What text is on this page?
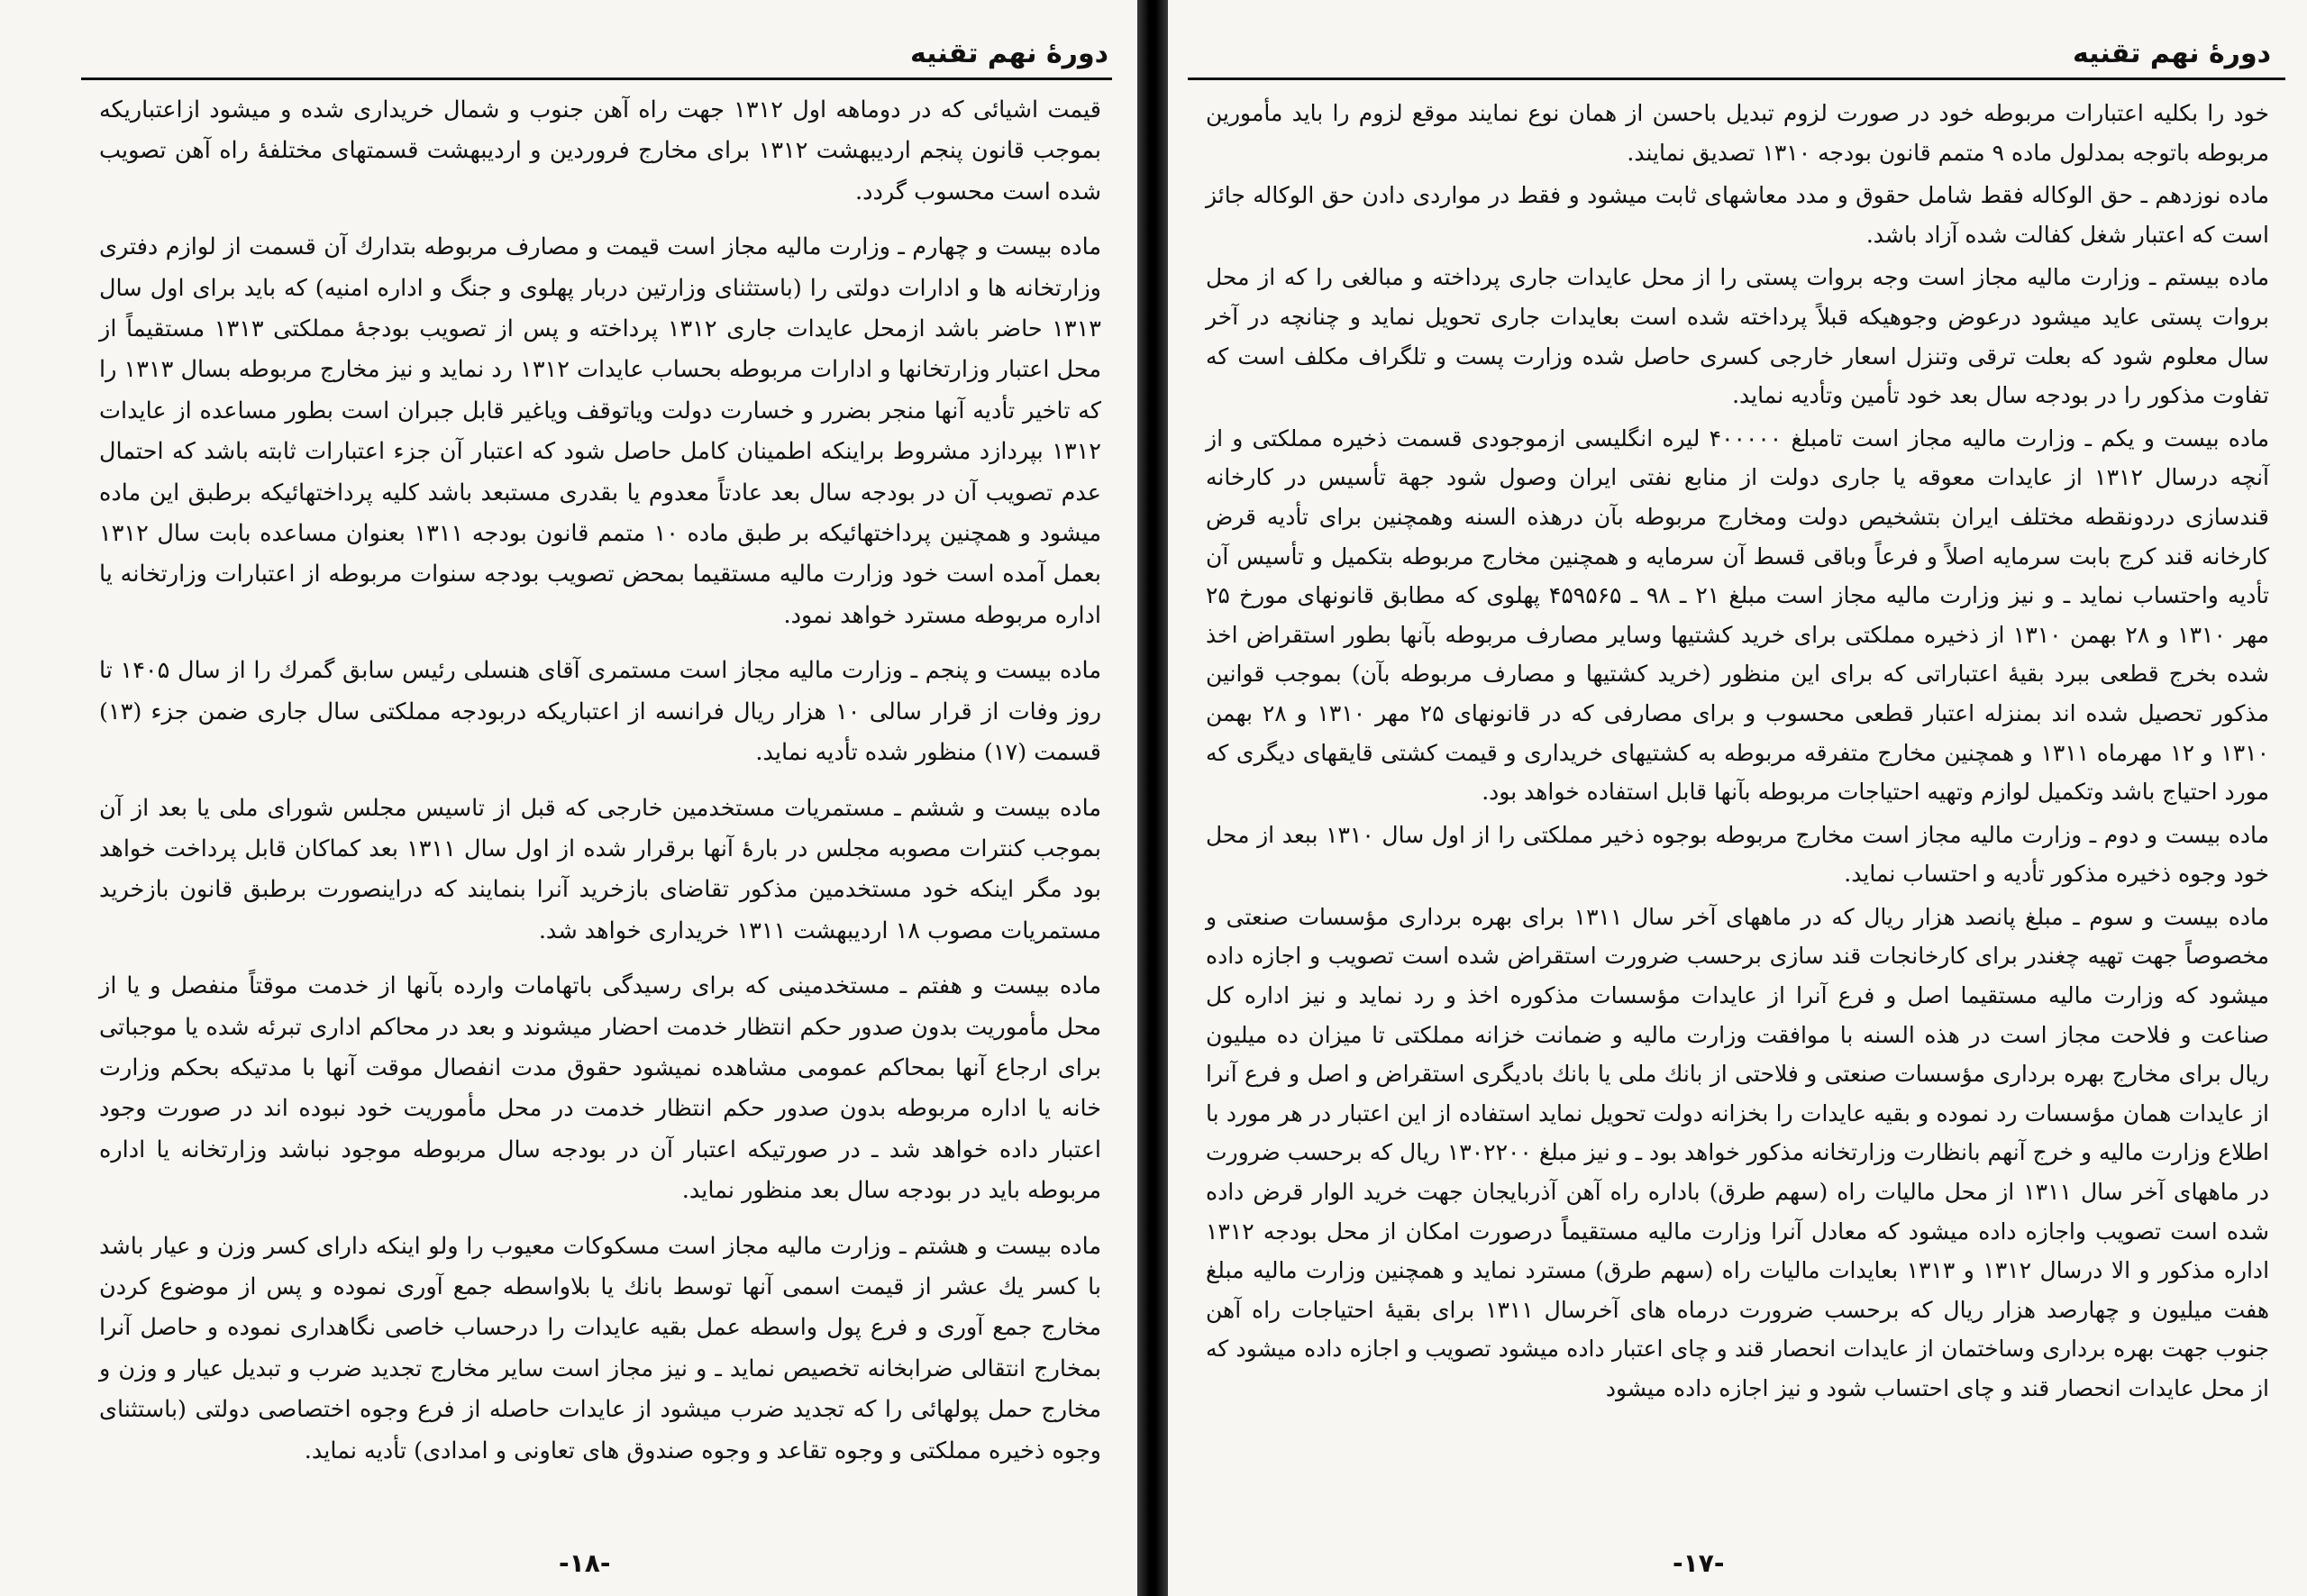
دورهٔ نهم تقنیه

قیمت اشیائی که در دوماهه اول ۱۳۱۲ جهت راه آهن جنوب و شمال خریداری شده و میشود ازاعتباریکه بموجب قانون پنجم اردیبهشت ۱۳۱۲ برای مخارج فروردین و اردیبهشت قسمتهای مختلفهٔ راه آهن تصویب شده است محسوب گردد.

ماده بیست و چهارم ـ وزارت مالیه مجاز است قیمت و مصارف مربوطه بتدارك آن قسمت از لوازم دفتری وزارتخانه ها و ادارات دولتی را (باستثنای وزارتین دربار پهلوی و جنگ و اداره امنیه) که باید برای اول سال ۱۳۱۳ حاضر باشد ازمحل عایدات جاری ۱۳۱۲ پرداخته و پس از تصویب بودجهٔ مملکتی ۱۳۱۳ مستقیماً از محل اعتبار وزارتخانها و ادارات مربوطه بحساب عایدات ۱۳۱۲ رد نماید و نیز مخارج مربوطه بسال ۱۳۱۳ را که تاخیر تأدیه آنها منجر بضرر و خسارت دولت ویاتوقف ویاغیر قابل جبران است بطور مساعده از عایدات ۱۳۱۲ بپردازد مشروط براینکه اطمینان کامل حاصل شود که اعتبار آن جزء اعتبارات ثابته باشد که احتمال عدم تصویب آن در بودجه سال بعد عادتاً معدوم یا بقدری مستبعد باشد کلیه پرداختهائیکه برطبق این ماده میشود و همچنین پرداختهائیکه بر طبق ماده ۱۰ متمم قانون بودجه ۱۳۱۱ بعنوان مساعده بابت سال ۱۳۱۲ بعمل آمده است خود وزارت مالیه مستقیما بمحض تصویب بودجه سنوات مربوطه از اعتبارات وزارتخانه یا اداره مربوطه مسترد خواهد نمود.

ماده بیست و پنجم ـ وزارت مالیه مجاز است مستمری آقای هنسلی رئیس سابق گمرك را از سال ۱۴۰۵ تا روز وفات از قرار سالی ۱۰ هزار ریال فرانسه از اعتباریکه دربودجه مملکتی سال جاری ضمن جزء (۱۳) قسمت (۱۷) منظور شده تأدیه نماید.

ماده بیست و ششم ـ مستمریات مستخدمین خارجی که قبل از تاسیس مجلس شورای ملی یا بعد از آن بموجب کنترات مصوبه مجلس در بارهٔ آنها برقرار شده از اول سال ۱۳۱۱ بعد کماکان قابل پرداخت خواهد بود مگر اینکه خود مستخدمین مذکور تقاضای بازخرید آنرا بنمایند که دراینصورت برطبق قانون بازخرید مستمریات مصوب ۱۸ اردیبهشت ۱۳۱۱ خریداری خواهد شد.

ماده بیست و هفتم ـ مستخدمینی که برای رسیدگی باتهامات وارده بآنها از خدمت موقتاً منفصل و یا از محل مأموریت بدون صدور حکم انتظار خدمت احضار میشوند و بعد در محاکم اداری تبرئه شده یا موجباتی برای ارجاع آنها بمحاکم عمومی مشاهده نمیشود حقوق مدت انفصال موقت آنها با مدتیکه بحکم وزارت خانه یا اداره مربوطه بدون صدور حکم انتظار خدمت در محل مأموریت خود نبوده اند در صورت وجود اعتبار داده خواهد شد ـ در صورتیکه اعتبار آن در بودجه سال مربوطه موجود نباشد وزارتخانه یا اداره مربوطه باید در بودجه سال بعد منظور نماید.

ماده بیست و هشتم ـ وزارت مالیه مجاز است مسکوکات معیوب را ولو اینکه دارای کسر وزن و عیار باشد با کسر یك عشر از قیمت اسمی آنها توسط بانك یا بلاواسطه جمع آوری نموده و پس از موضوع کردن مخارج جمع آوری و فرع پول واسطه عمل بقیه عایدات را درحساب خاصی نگاهداری نموده و حاصل آنرا بمخارج انتقالی ضرابخانه تخصیص نماید ـ و نیز مجاز است سایر مخارج تجدید ضرب و تبدیل عیار و وزن و مخارج حمل پولهائی را که تجدید ضرب میشود از عایدات حاصله از فرع وجوه اختصاصی دولتی (باستثنای وجوه ذخیره مملکتی و وجوه تقاعد و وجوه صندوق های تعاونی و امدادی) تأدیه نماید.

-۱۸-

دورهٔ نهم تقنیه

خود را بکلیه اعتبارات مربوطه خود در صورت لزوم تبدیل باحسن از همان نوع نمایند موقع لزوم را باید مأمورین مربوطه باتوجه بمدلول ماده ۹ متمم قانون بودجه ۱۳۱۰ تصدیق نمایند.

ماده نوزدهم ـ حق الوکاله فقط شامل حقوق و مدد معاشهای ثابت میشود و فقط در مواردی دادن حق الوکاله جائز است که اعتبار شغل کفالت شده آزاد باشد.

ماده بیستم ـ وزارت مالیه مجاز است وجه بروات پستی را از محل عایدات جاری پرداخته و مبالغی را که از محل بروات پستی عاید میشود درعوض وجوهیکه قبلاً پرداخته شده است بعایدات جاری تحویل نماید و چنانچه در آخر سال معلوم شود که بعلت ترقی وتنزل اسعار خارجی کسری حاصل شده وزارت پست و تلگراف مکلف است که تفاوت مذکور را در بودجه سال بعد خود تأمین وتأدیه نماید.

ماده بیست و یکم ـ وزارت مالیه مجاز است تامبلغ ۴۰۰۰۰۰ لیره انگلیسی ازموجودی قسمت ذخیره مملکتی و از آنچه درسال ۱۳۱۲ از عایدات معوقه یا جاری دولت از منابع نفتی ایران وصول شود جهة تأسیس در کارخانه قندسازی دردونقطه مختلف ایران بتشخیص دولت ومخارج مربوطه بآن درهذه السنه وهمچنین برای تأدیه قرض کارخانه قند کرج بابت سرمایه اصلاً و فرعاً وباقی قسط آن سرمایه و همچنین مخارج مربوطه بتکمیل و تأسیس آن تأدیه واحتساب نماید ـ و نیز وزارت مالیه مجاز است مبلغ ۲۱ ـ ۹۸ ـ ۴۵۹۵۶۵ پهلوی که مطابق قانونهای مورخ ۲۵ مهر ۱۳۱۰ و ۲۸ بهمن ۱۳۱۰ از ذخیره مملکتی برای خرید کشتیها وسایر مصارف مربوطه بآنها بطور استقراض اخذ شده بخرج قطعی ببرد بقیهٔ اعتباراتی که برای این منظور (خرید کشتیها و مصارف مربوطه بآن) بموجب قوانین مذکور تحصیل شده اند بمنزله اعتبار قطعی محسوب و برای مصارفی که در قانونهای ۲۵ مهر ۱۳۱۰ و ۲۸ بهمن ۱۳۱۰ و ۱۲ مهرماه ۱۳۱۱ و همچنین مخارج متفرقه مربوطه به کشتیهای خریداری و قیمت کشتی قایقهای دیگری که مورد احتیاج باشد وتکمیل لوازم وتهیه احتیاجات مربوطه بآنها قابل استفاده خواهد بود.

ماده بیست و دوم ـ وزارت مالیه مجاز است مخارج مربوطه بوجوه ذخیر مملکتی را از اول سال ۱۳۱۰ ببعد از محل خود وجوه ذخیره مذکور تأدیه و احتساب نماید.

ماده بیست و سوم ـ مبلغ پانصد هزار ریال که در ماههای آخر سال ۱۳۱۱ برای بهره برداری مؤسسات صنعتی و مخصوصاً جهت تهیه چغندر برای کارخانجات قند سازی برحسب ضرورت استقراض شده است تصویب و اجازه داده میشود که وزارت مالیه مستقیما اصل و فرع آنرا از عایدات مؤسسات مذکوره اخذ و رد نماید و نیز اداره کل صناعت و فلاحت مجاز است در هذه السنه با موافقت وزارت مالیه و ضمانت خزانه مملکتی تا میزان ده میلیون ریال برای مخارج بهره برداری مؤسسات صنعتی و فلاحتی از بانك ملی یا بانك بادیگری استقراض و اصل و فرع آنرا از عایدات همان مؤسسات رد نموده و بقیه عایدات را بخزانه دولت تحویل نماید استفاده از این اعتبار در هر مورد با اطلاع وزارت مالیه و خرج آنهم بانظارت وزارتخانه مذکور خواهد بود ـ و نیز مبلغ ۱۳۰۲۲۰۰ ریال که برحسب ضرورت در ماههای آخر سال ۱۳۱۱ از محل مالیات راه (سهم طرق) باداره راه آهن آذربایجان جهت خرید الوار قرض داده شده است تصویب واجازه داده میشود که معادل آنرا وزارت مالیه مستقیماً درصورت امکان از محل بودجه ۱۳۱۲ اداره مذکور و الا درسال ۱۳۱۲ و ۱۳۱۳ بعایدات مالیات راه (سهم طرق) مسترد نماید و همچنین وزارت مالیه مبلغ هفت میلیون و چهارصد هزار ریال که برحسب ضرورت درماه های آخرسال ۱۳۱۱ برای بقیهٔ احتیاجات راه آهن جنوب جهت بهره برداری وساختمان از عایدات انحصار قند و چای اعتبار داده میشود تصویب و اجازه داده میشود که از محل عایدات انحصار قند و چای احتساب شود و نیز اجازه داده میشود

-۱۷-
